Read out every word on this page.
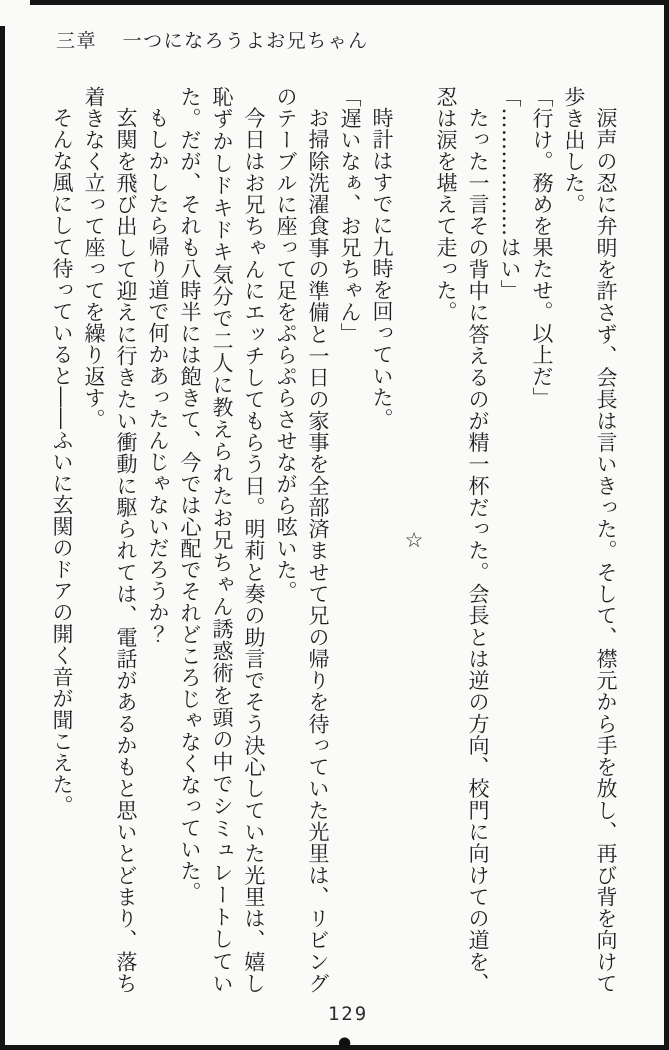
三章 一つになろうよお兄ちゃん

涙声の忍に弁明を許さず、会長は言いきった。そして、襟元から手を放し、再び背を向けて歩き出した。

「行け。務めを果たせ。以上だ」

「………………はい」

たった一言その背中に答えるのが精一杯だった。会長とは逆の方向、校門に向けての道を、忍は涙を堪えて走った。

☆

時計はすでに九時を回っていた。

「遅いなぁ、お兄ちゃん」

お掃除洗濯食事の準備と一日の家事を全部済ませて兄の帰りを待っていた光里は、リビングのテーブルに座って足をぷらぷらさせながら呟いた。

今日はお兄ちゃんにエッチしてもらう日。明莉と奏の助言でそう決心していた光里は、嬉し恥ずかしドキドキ気分で二人に教えられたお兄ちゃん誘惑術を頭の中でシミュレートしていた。だが、それも八時半には飽きて、今では心配でそれどころじゃなくなっていた。

もしかしたら帰り道で何かあったんじゃないだろうか？

玄関を飛び出して迎えに行きたい衝動に駆られては、電話があるかもと思いとどまり、落ち着きなく立って座ってを繰り返す。

そんな風にして待っていると――ふいに玄関のドアの開く音が聞こえた。

129
●
